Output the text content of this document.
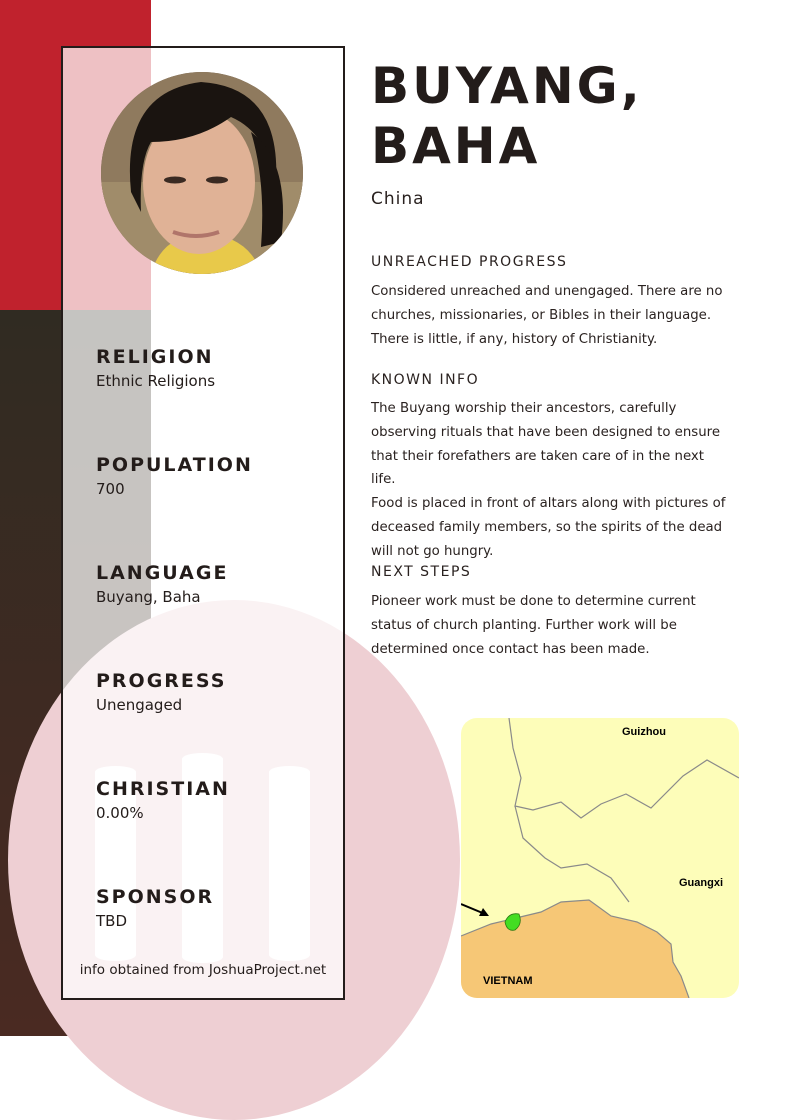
RELIGION
Ethnic Religions
POPULATION
700
LANGUAGE
Buyang, Baha
PROGRESS
Unengaged
CHRISTIAN
0.00%
SPONSOR
TBD
info obtained from JoshuaProject.net
BUYANG,
BAHA
China
UNREACHED PROGRESS
Considered unreached and unengaged. There are no
churches, missionaries, or Bibles in their language.
There is little, if any, history of Christianity.
KNOWN INFO
The Buyang worship their ancestors, carefully
observing rituals that have been designed to ensure
that their forefathers are taken care of in the next life.
Food is placed in front of altars along with pictures of
deceased family members, so the spirits of the dead
will not go hungry.
NEXT STEPS
Pioneer work must be done to determine current
status of church planting. Further work will be
determined once contact has been made.
Guizhou
Guangxi
VIETNAM
